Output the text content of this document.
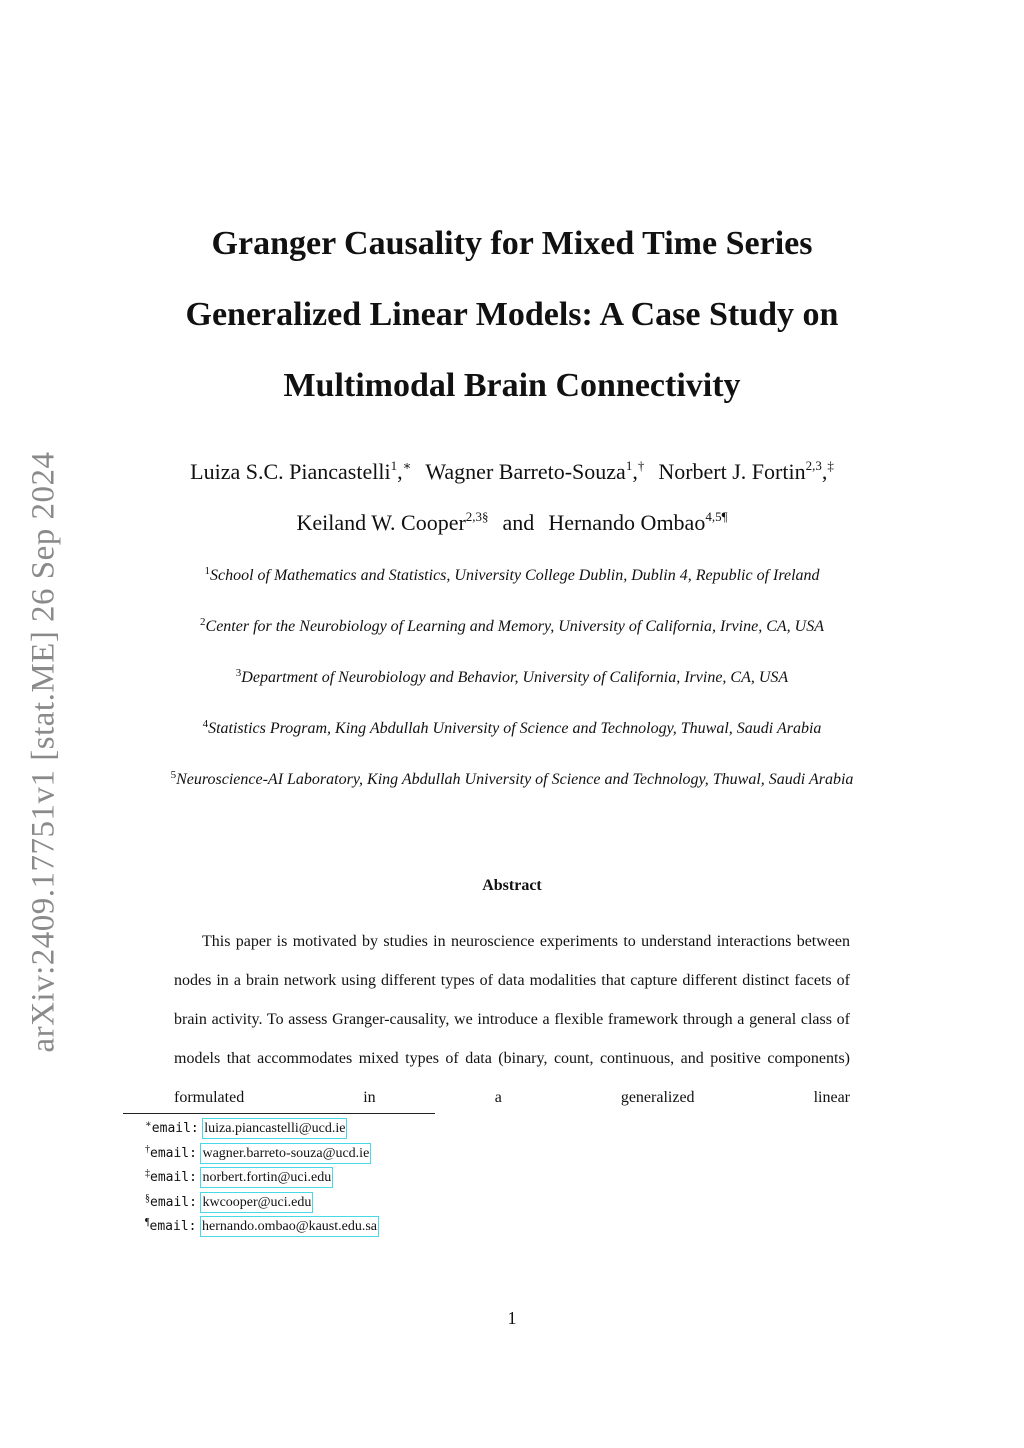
arXiv:2409.17751v1 [stat.ME] 26 Sep 2024
Granger Causality for Mixed Time Series
Generalized Linear Models: A Case Study on
Multimodal Brain Connectivity
Luiza S.C. Piancastelli$^1$,∗ Wagner Barreto-Souza$^1$,† Norbert J. Fortin$^{2,3}$,‡
Keiland W. Cooper$^{2,3\S}$ and Hernando Ombao$^{4,5\P}$
$^1$School of Mathematics and Statistics, University College Dublin, Dublin 4, Republic of Ireland
$^2$Center for the Neurobiology of Learning and Memory, University of California, Irvine, CA, USA
$^3$Department of Neurobiology and Behavior, University of California, Irvine, CA, USA
$^4$Statistics Program, King Abdullah University of Science and Technology, Thuwal, Saudi Arabia
$^5$Neuroscience-AI Laboratory, King Abdullah University of Science and Technology, Thuwal, Saudi Arabia
Abstract
This paper is motivated by studies in neuroscience experiments to understand interactions between nodes in a brain network using different types of data modalities that capture different distinct facets of brain activity. To assess Granger-causality, we introduce a flexible framework through a general class of models that accommodates mixed types of data (binary, count, continuous, and positive components) formulated in a generalized linear
∗email: luiza.piancastelli@ucd.ie
†email: wagner.barreto-souza@ucd.ie
‡email: norbert.fortin@uci.edu
§email: kwcooper@uci.edu
¶email: hernando.ombao@kaust.edu.sa
1
